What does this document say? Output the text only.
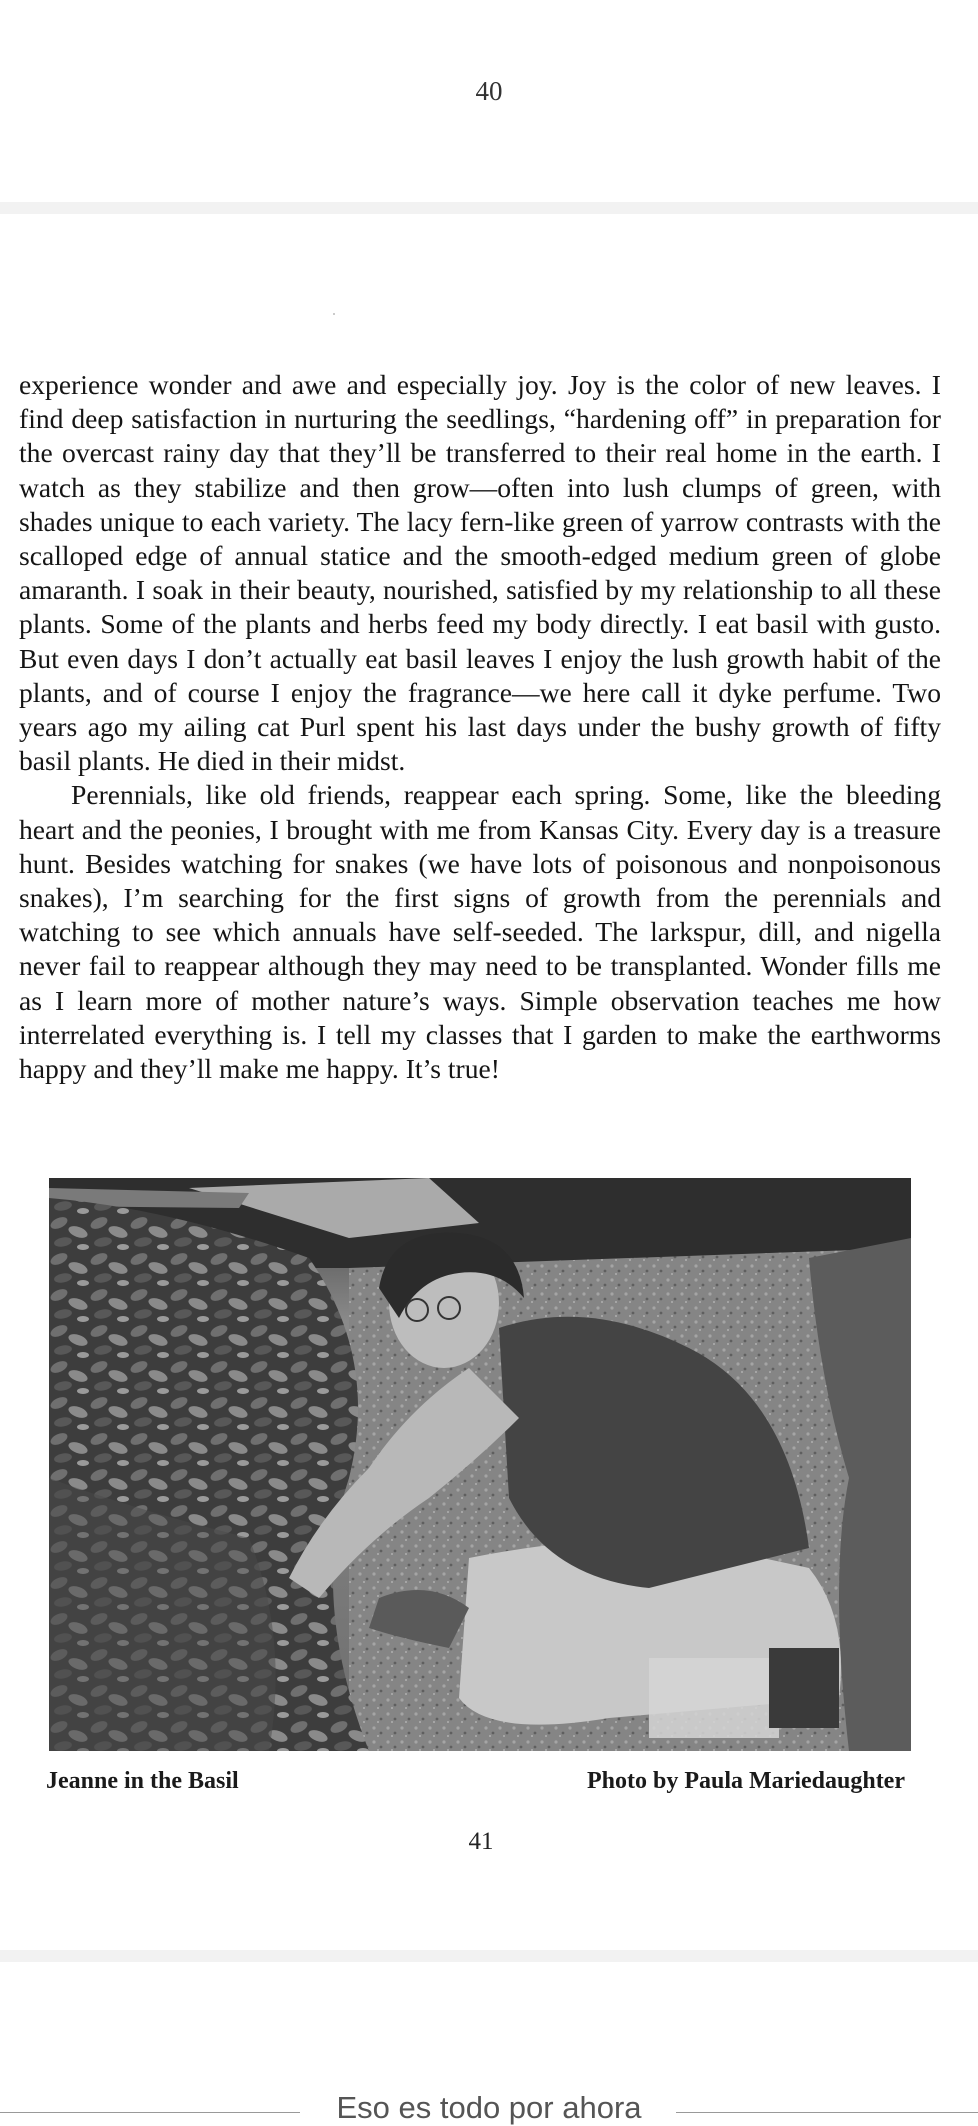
40

experience wonder and awe and especially joy. Joy is the color of new leaves. I find deep satisfaction in nurturing the seedlings, “hardening off” in preparation for the overcast rainy day that they’ll be transferred to their real home in the earth. I watch as they stabilize and then grow—often into lush clumps of green, with shades unique to each variety. The lacy fern-like green of yarrow contrasts with the scalloped edge of annual statice and the smooth-edged medium green of globe amaranth. I soak in their beauty, nourished, satisfied by my relationship to all these plants. Some of the plants and herbs feed my body directly. I eat basil with gusto. But even days I don’t actually eat basil leaves I enjoy the lush growth habit of the plants, and of course I enjoy the fragrance—we here call it dyke perfume. Two years ago my ailing cat Purl spent his last days under the bushy growth of fifty basil plants. He died in their midst.

Perennials, like old friends, reappear each spring. Some, like the bleeding heart and the peonies, I brought with me from Kansas City. Every day is a treasure hunt. Besides watching for snakes (we have lots of poisonous and nonpoisonous snakes), I’m searching for the first signs of growth from the perennials and watching to see which annuals have self-seeded. The larkspur, dill, and nigella never fail to reappear although they may need to be transplanted. Wonder fills me as I learn more of mother nature’s ways. Simple observation teaches me how interrelated everything is. I tell my classes that I garden to make the earthworms happy and they’ll make me happy. It’s true!

Jeanne in the Basil	Photo by Paula Mariedaughter
41
Eso es todo por ahora
